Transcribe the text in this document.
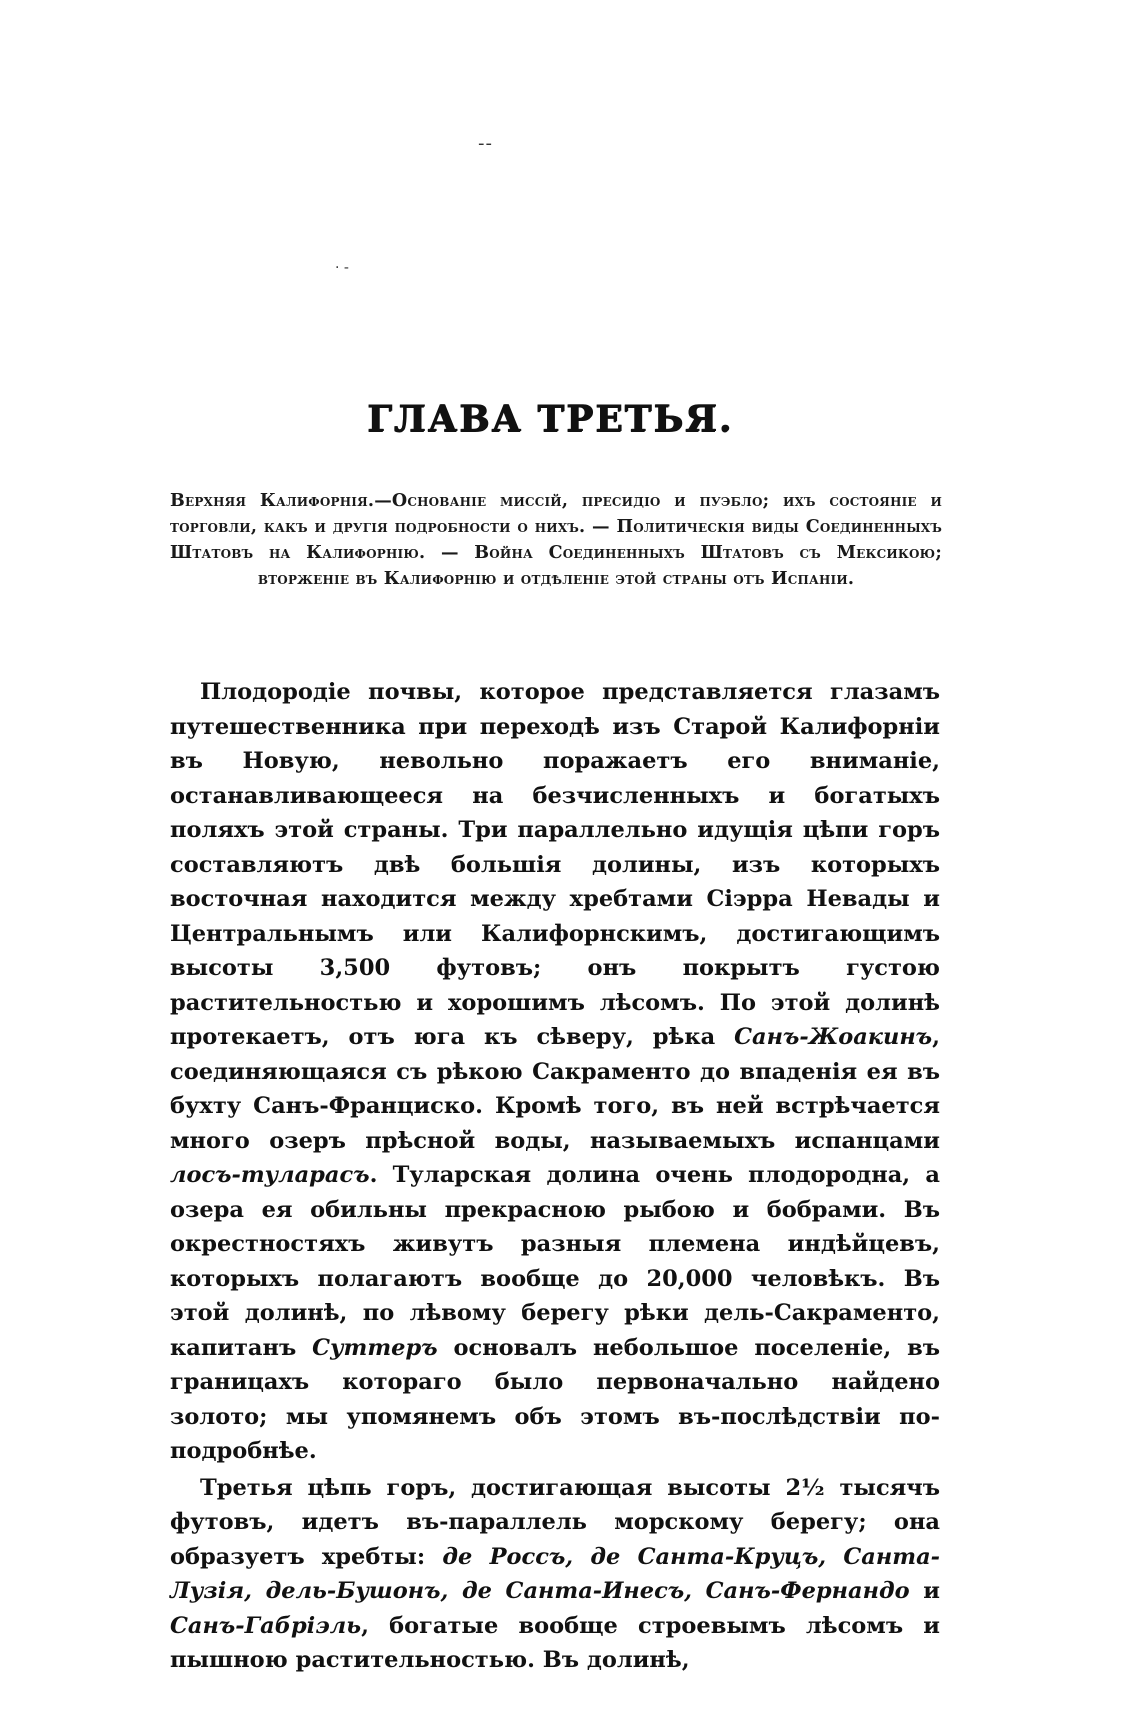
--
· -
ГЛАВА ТРЕТЬЯ.
Верхняя Калифорнія.—Основаніе миссій, пресидіо и пуэбло; ихъ состояніе и торговли, какъ и другія подробности о нихъ. — Политическія виды Соединенныхъ Штатовъ на Калифорнію. — Война Соединенныхъ Штатовъ съ Мексикою; вторженіе въ Калифорнію и отдѣленіе этой страны отъ Испаніи.

Плодородіе почвы, которое представляется глазамъ путешественника при переходѣ изъ Старой Калифорніи въ Новую, невольно поражаетъ его вниманіе, останавливающееся на безчисленныхъ и богатыхъ поляхъ этой страны. Три параллельно идущія цѣпи горъ составляютъ двѣ большія долины, изъ которыхъ восточная находится между хребтами Сіэрра Невады и Центральнымъ или Калифорнскимъ, достигающимъ высоты 3,500 футовъ; онъ покрытъ густою растительностью и хорошимъ лѣсомъ. По этой долинѣ протекаетъ, отъ юга къ сѣверу, рѣка Санъ-Жоакинъ, соединяющаяся съ рѣкою Сакраменто до впаденія ея въ бухту Санъ-Франциско. Кромѣ того, въ ней встрѣчается много озеръ прѣсной воды, называемыхъ испанцами лосъ-туларасъ. Туларская долина очень плодородна, а озера ея обильны прекрасною рыбою и бобрами. Въ окрестностяхъ живутъ разныя племена индѣйцевъ, которыхъ полагаютъ вообще до 20,000 человѣкъ. Въ этой долинѣ, по лѣвому берегу рѣки дель-Сакраменто, капитанъ Суттеръ основалъ небольшое поселеніе, въ границахъ котораго было первоначально найдено золото; мы упомянемъ объ этомъ въ-послѣдствіи по-подробнѣе.

Третья цѣпь горъ, достигающая высоты 2½ тысячъ футовъ, идетъ въ-параллель морскому берегу; она образуетъ хребты: де Россъ, де Санта-Круцъ, Санта-Лузія, дель-Бушонъ, де Санта-Инесъ, Санъ-Фернандо и Санъ-Габріэль, богатые вообще строевымъ лѣсомъ и пышною растительностью. Въ долинѣ,
